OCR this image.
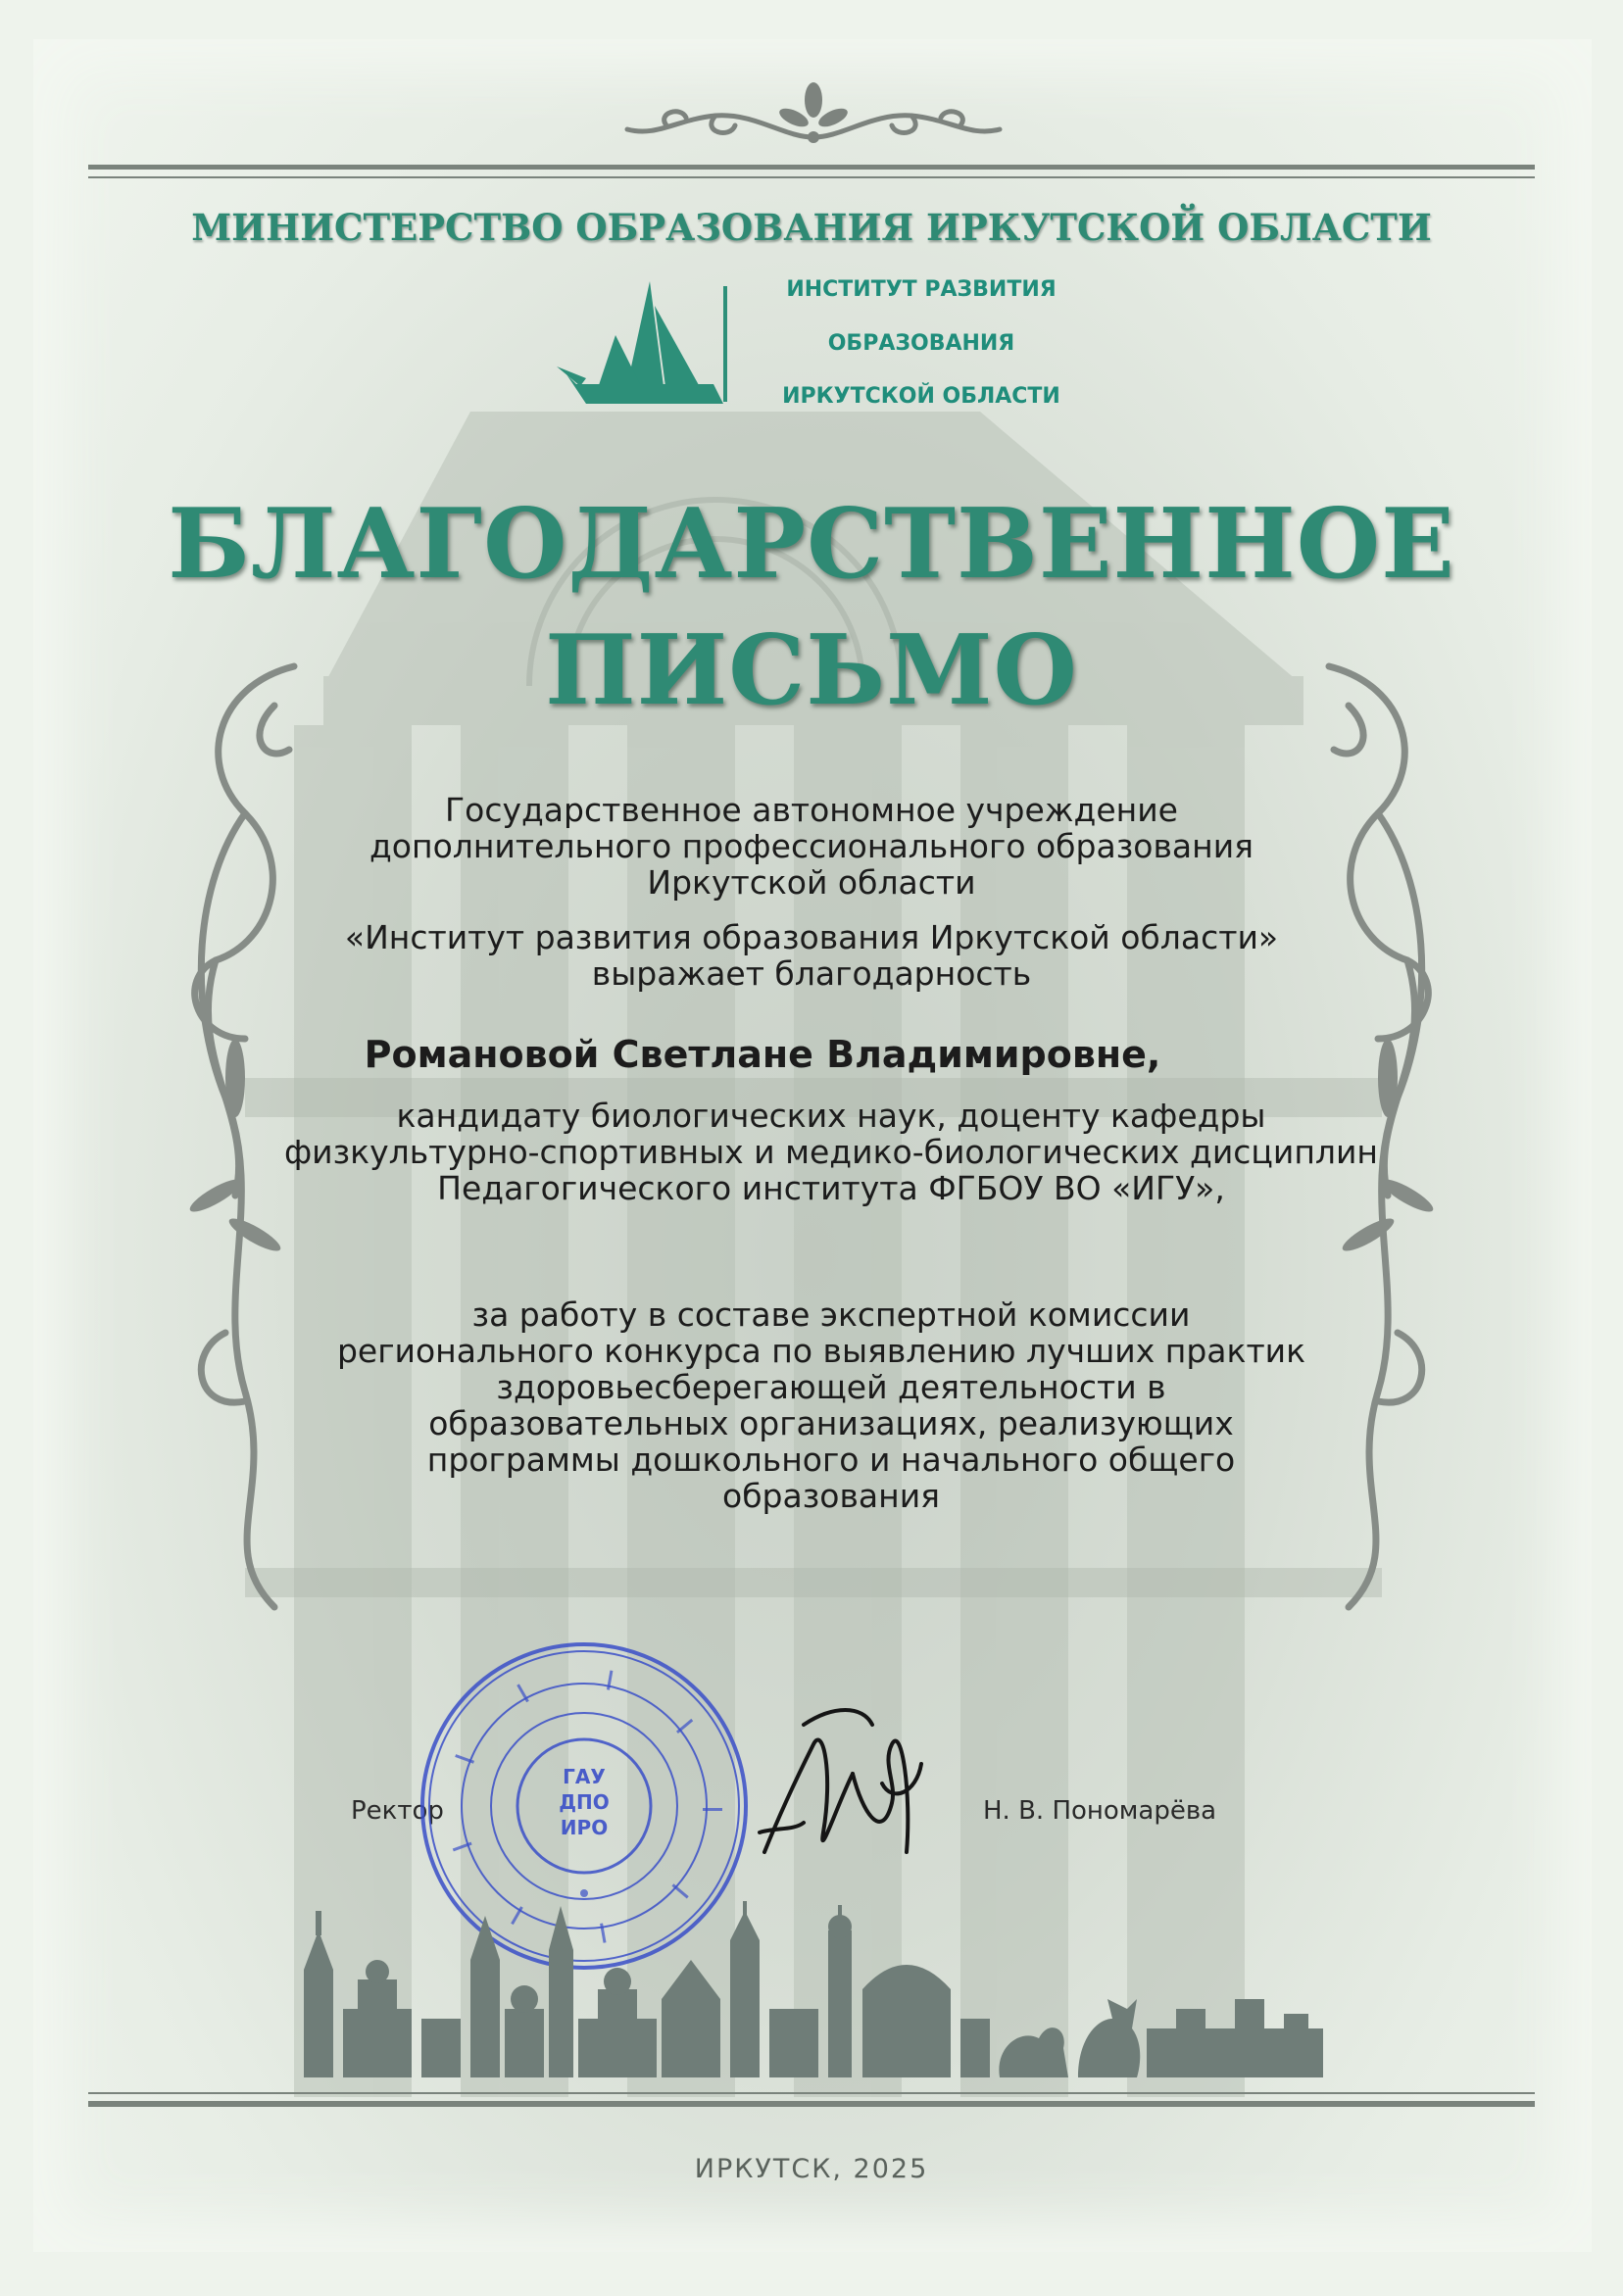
МИНИСТЕРСТВО ОБРАЗОВАНИЯ ИРКУТСКОЙ ОБЛАСТИ
ИНСТИТУТ РАЗВИТИЯ
ОБРАЗОВАНИЯ
ИРКУТСКОЙ ОБЛАСТИ
БЛАГОДАРСТВЕННОЕ
ПИСЬМО
Государственное автономное учреждение
дополнительного профессионального образования
Иркутской области
«Институт развития образования Иркутской области»
выражает благодарность
Романовой Светлане Владимировне,
кандидату биологических наук, доценту кафедры
физкультурно-спортивных и медико-биологических дисциплин
Педагогического института ФГБОУ ВО «ИГУ»,
за работу в составе экспертной комиссии
регионального конкурса по выявлению лучших практик
здоровьесберегающей деятельности в
образовательных организациях, реализующих
программы дошкольного и начального общего
образования
Ректор	Н. В. Пономарёва
ГАУ
ДПО ИРО
ИРКУТСК, 2025
